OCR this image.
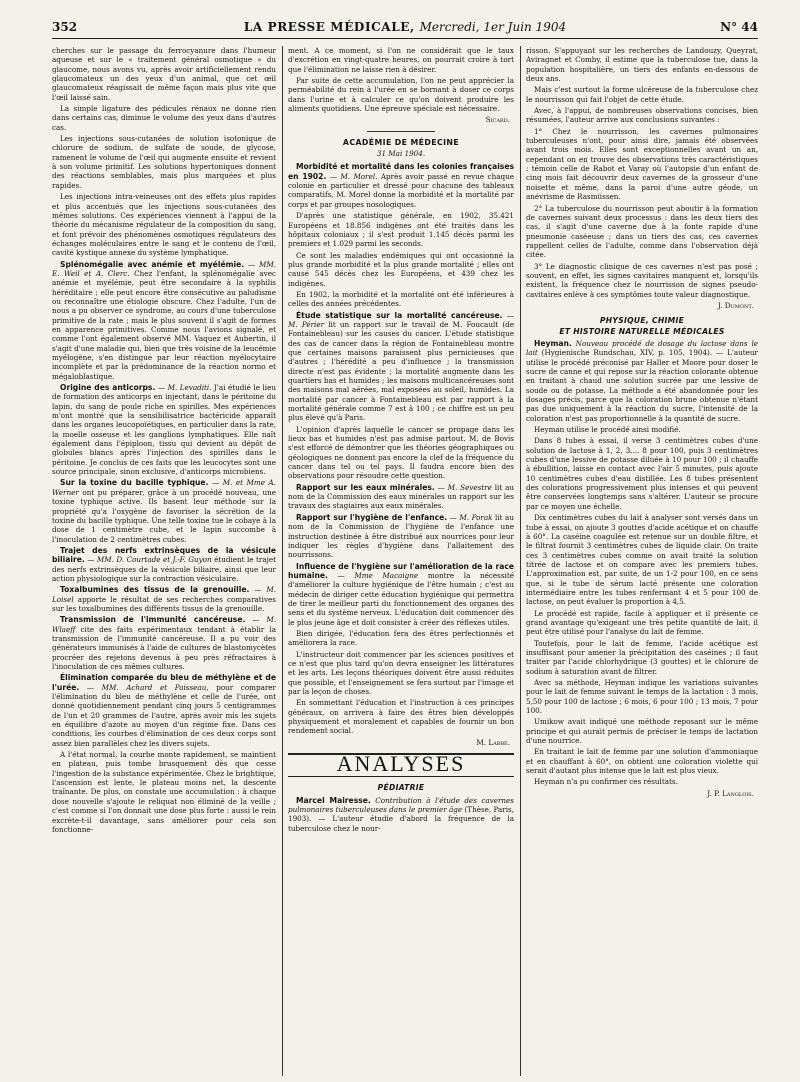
352	LA PRESSE MÉDICALE, Mercredi, 1er Juin 1904	N° 44

cherches sur le passage du ferrocyanure dans l'humeur aqueuse et sur le « traitement général osmotique » du glaucome, nous avons vu, après avoir artificiellement rendu glaucomateux un des yeux d'un animal, que cet œil glaucomateux réagissait de même façon mais plus vite que l'œil laissé sain.

La simple ligature des pédicules rénaux ne donne rien dans certains cas, diminue le volume des yeux dans d'autres cas.

Les injections sous-cutanées de solution isotonique de chlorure de sodium, de sulfate de soude, de glycose, ramenent le volume de l'œil qui augmente ensuite et revient à son volume primitif. Les solutions hypertoniques donnent des réactions semblables, mais plus marquées et plus rapides.

Les injections intra-veineuses ont des effets plus rapides et plus accentués que les injections sous-cutanées des mêmes solutions. Ces expériences viennent à l'appui de la théorie du mécanisme régulateur de la composition du sang, et font prévoir des phénomènes osmotiques régulateurs des échanges moléculaires entre le sang et le contenu de l'œil, cavité kystique annexe du système lymphatique.

Splénomégalie avec anémie et myélémie. — MM. E. Weil et A. Clerc. Chez l'enfant, la splénomégalie avec anémie et myélémie, peut être secondaire à la syphilis héréditaire ; elle peut encore être consécutive au paludisme ou reconnaître une étiologie obscure. Chez l'adulte, l'un de nous a pu observer ce syndrome, au cours d'une tuberculose primitive de la rate ; mais le plus souvent il s'agit de formes en apparence primitives. Comme nous l'avions signalé, et comme l'ont également observé MM. Vaquez et Aubertin, il s'agit d'une maladie qui, bien que très voisine de la leucémie myélogène, s'en distingue par leur réaction myélocytaire incomplète et par la prédominance de la réaction normo et mégaloblastique.

Origine des anticorps. — M. Levaditi. J'ai étudié le lieu de formation des anticorps en injectant, dans le péritoine du lapin, du sang de poule riche en spirilles. Mes expériences m'ont montré que la sensibilisatrice bactéricide apparaît dans les organes leucopoïétiques, en particulier dans la rate, la moelle osseuse et les ganglions lymphatiques. Elle naît également dans l'épiploon, tissu qui devient au dépôt de globules blancs après l'injection des spirilles dans le péritoine. Je conclus de ces faits que les leucocytes sont une source principale, sinon exclusive, d'anticorps microbiens.

Sur la toxine du bacille typhique. — M. et Mme A. Werner ont pu préparer, grâce à un procédé nouveau, une toxine typhique active. Ils basent leur méthode sur la propriété qu'a l'oxygène de favoriser la sécrétion de la toxine du bacille typhique. Une telle toxine tue le cobaye à la dose de 1 centimètre cube, et le lapin succombe à l'inoculation de 2 centimètres cubes.

Trajet des nerfs extrinsèques de la vésicule biliaire. — MM. D. Courtade et J.-F. Guyon étudient le trajet des nerfs extrinsèques de la vésicule biliaire, ainsi que leur action physiologique sur la contraction vésiculaire.

Toxalbumines des tissus de la grenouille. — M. Loisel apporte le résultat de ses recherches comparatives sur les toxalbumines des différents tissus de la grenouille.

Transmission de l'immunité cancéreuse. — M. Wlaeff cite des faits expérimentaux tendant à établir la transmission de l'immunité cancéreuse. Il a pu voir des générateurs immunisés à l'aide de cultures de blastomycètes procréer des rejetons devenus à peu près réfractaires à l'inoculation de ces mêmes cultures.

Élimination comparée du bleu de méthylène et de l'urée. — MM. Achard et Paisseau, pour comparer l'élimination du bleu de méthylène et celle de l'urée, ont donné quotidiennement pendant cinq jours 5 centigrammes de l'un et 20 grammes de l'autre, après avoir mis les sujets en équilibre d'azote au moyen d'un régime fixe. Dans ces conditions, les courbes d'élimination de ces deux corps sont assez bien parallèles chez les divers sujets.

A l'état normal, la courbe monte rapidement, se maintient en plateau, puis tombe brusquement dès que cesse l'ingestion de la substance expérimentée. Chez le brightique, l'ascension est lente, le plateau moins net, la descente traînante. De plus, on constate une accumulation : à chaque dose nouvelle s'ajoute le reliquat non éliminé de la veille ; c'est comme si l'on donnait une dose plus forte : aussi le rein excrète-t-il davantage, sans améliorer pour cela son fonctionne-

ment. A ce moment, si l'on ne considérait que le taux d'excrétion en vingt-quatre heures, on pourrait croire à tort que l'élimination ne laisse rien à désirer.

Par suite de cette accumulation, l'on ne peut apprécier la perméabilité du rein à l'urée en se bornant à doser ce corps dans l'urine et à calculer ce qu'on doivent produire les aliments quotidiens. Une épreuve spéciale est nécessaire.

Sicard.

ACADÉMIE DE MÉDECINE

31 Mai 1904.

Morbidité et mortalité dans les colonies françaises en 1902. — M. Morel. Après avoir passé en revue chaque colonie en particulier et dressé pour chacune des tableaux comparatifs, M. Morel donne la morbidité et la mortalité par corps et par groupes nosologiques.

D'après une statistique générale, en 1902, 35.421 Européens et 18.856 indigènes ont été traités dans les hôpitaux coloniaux ; il s'est produit 1.145 décès parmi les premiers et 1.029 parmi les seconds.

Ce sont les maladies endémiques qui ont occasionné la plus grande morbidité et la plus grande mortalité ; elles ont causé 545 décès chez les Européens, et 439 chez les indigènes.

En 1902, la morbidité et la mortalité ont été inférieures à celles des années précédentes.

Étude statistique sur la mortalité cancéreuse. — M. Périer lit un rapport sur le travail de M. Foucault (de Fontainebleau) sur les causes du cancer. L'étude statistique des cas de cancer dans la région de Fontainebleau montre que certaines maisons paraissent plus pernicieuses que d'autres ; l'hérédité a peu d'influence ; la transmission directe n'est pas évidente ; la mortalité augmente dans les quartiers bas et humides ; les maisons multicancéreuses sont des maisons mal aérées, mal exposées au soleil, humides. La mortalité par cancer à Fontainebleau est par rapport à la mortalité générale comme 7 est à 100 ; ce chiffre est un peu plus élevé qu'à Paris.

L'opinion d'après laquelle le cancer se propage dans les lieux bas et humides n'est pas admise partout. M. de Bovis s'est efforcé de démontrer que les théories géographiques ou géologiques ne donnent pas encore la clef de la fréquence du cancer dans tel ou tel pays. Il faudra encore bien des observations pour résoudre cette question.

Rapport sur les eaux minérales. — M. Sevestre lit au nom de la Commission des eaux minérales un rapport sur les travaux des stagiaires aux eaux minérales.

Rapport sur l'hygiène de l'enfance. — M. Porak lit au nom de la Commission de l'hygiène de l'enfance une instruction destinée à être distribué aux nourrices pour leur indiquer les règles d'hygiène dans l'allaitement des nourrissons.

Influence de l'hygiène sur l'amélioration de la race humaine. — Mme Macaigne montre la nécessité d'améliorer la culture hygiénique de l'être humain ; c'est au médecin de diriger cette éducation hygiénique qui permettra de tirer le meilleur parti du fonctionnement des organes des sens et du système nerveux. L'éducation doit commencer dès le plus jeune âge et doit consister à créer des réflexes utiles.

Bien dirigée, l'éducation fera des êtres perfectionnés et améliorera la race.

L'instructeur doit commencer par les sciences positives et ce n'est que plus tard qu'on devra enseigner les littératures et les arts. Les leçons théoriques doivent être aussi réduites que possible, et l'enseignement se fera surtout par l'image et par la leçon de choses.

En sommettant l'éducation et l'instruction à ces principes généraux, on arrivera à faire des êtres bien développés physiquement et moralement et capables de fournir un bon rendement social.

M. Labbé.

ANALYSES

PÉDIATRIE

Marcel Mairesse. Contribution à l'étude des cavernes pulmonaires tuberculeuses dans le premier âge (Thèse, Paris, 1903). — L'auteur étudie d'abord la fréquence de la tuberculose chez le nour-

risson. S'appuyant sur les recherches de Landouzy, Queyrat, Aviragnet et Comby, il estime que la tuberculose tue, dans la population hospitalière, un tiers des enfants en-dessous de deux ans.

Mais c'est surtout la forme ulcéreuse de la tuberculose chez le nourrisson qui fait l'objet de cette étude.

Avec, à l'appui, de nombreuses observations concises, bien résumées, l'auteur arrive aux conclusions suivantes :

1° Chez le nourrisson, les cavernes pulmonaires tuberculeuses n'ont, pour ainsi dire, jamais été observées avant trois mois. Elles sont exceptionnelles avant un an, cependant on en trouve des observations très caractéristiques : témoin celle de Rabot et Varay où l'autopsie d'un enfant de cinq mois fait découvrir deux cavernes de la grosseur d'une noisette et même, dans la paroi d'une autre géode, un anévrisme de Rasmüssen.

2° La tuberculose du nourrisson peut aboutir à la formation de cavernes suivant deux processus : dans les deux tiers des cas, il s'agit d'une caverne due à la fonte rapide d'une pneumonie caséeuse ; dans un tiers des cas, ces cavernes rappellent celles de l'adulte, comme dans l'observation déjà citée.

3° Le diagnostic clinique de ces cavernes n'est pas posé ; souvent, en effet, les signes cavitaires manquent et, lorsqu'ils existent, la fréquence chez le nourrisson de signes pseudo-cavitaires enlève à ces symptômes toute valeur diagnostique.

J. Dumont.

PHYSIQUE, CHIMIE

ET HISTOIRE NATURELLE MÉDICALES

Heyman. Nouveau procédé de dosage du lactose dans le lait (Hygienische Rundschau, XIV, p. 105, 1904). — L'auteur utilise le procédé préconisé par Haller et Moore pour doser le sucre de canne et qui repose sur la réaction colorante obtenue en traitant à chaud une solution sucrée par une lessive de soude ou de potasse. La méthode a été abandonnée pour les dosages précis, parce que la coloration brune obtenue n'étant pas due uniquement à la réaction du sucre, l'intensité de la coloration n'est pas proportionnelle à la quantité de sucre.

Heyman utilise le procédé ainsi modifié.

Dans 8 tubes à essai, il verse 3 centimètres cubes d'une solution de lactose à 1, 2, 3.... 8 pour 100, puis 3 centimètres cubes d'une lessive de potasse diluée à 10 pour 100 ; il chauffe à ébullition, laisse en contact avec l'air 5 minutes, puis ajoute 10 centimètres cubes d'eau distillée. Les 8 tubes présentent des colorations progressivement plus intenses et qui peuvent être conservées longtemps sans s'altérer. L'auteur se procure par ce moyen une échelle.

Dix centimètres cubes du lait à analyser sont versés dans un tube à essai, on ajoute 3 gouttes d'acide acétique et on chauffe à 60°. La caséine coagulée est retenue sur un double filtre, et le filtrat fournit 3 centimètres cubes de liquide clair. On traite ces 3 centimètres cubes comme on avait traité la solution titrée de lactose et on compare avec les premiers tubes. L'approximation est, par suite, de un 1-2 pour 100, en ce sens que, si le tube de sérum lacté présente une coloration intermédiaire entre les tubes renfermant 4 et 5 pour 100 de lactose, on peut évaluer la proportion à 4,5.

Le procédé est rapide, facile à appliquer et il présente ce grand avantage qu'exigeant une très petite quantité de lait, il peut être utilisé pour l'analyse du lait de femme.

Toutefois, pour le lait de femme, l'acide acétique est insuffisant pour amener la précipitation des caséines ; il faut traiter par l'acide chlorhydrique (3 gouttes) et le chlorure de sodium à saturation avant de filtrer.

Avec sa méthode, Heyman indique les variations suivantes pour le lait de femme suivant le temps de la lactation : 3 mois, 5,50 pour 100 de lactose ; 6 mois, 6 pour 100 ; 13 mois, 7 pour 100.

Umikow avait indiqué une méthode reposant sur le même principe et qui aurait permis de préciser le temps de lactation d'une nourrice.

En traitant le lait de femme par une solution d'ammoniaque et en chauffant à 60°, on obtient une coloration violette qui serait d'autant plus intense que le lait est plus vieux.

Heyman n'a pu confirmer ces résultats.

J. P. Langlois.
